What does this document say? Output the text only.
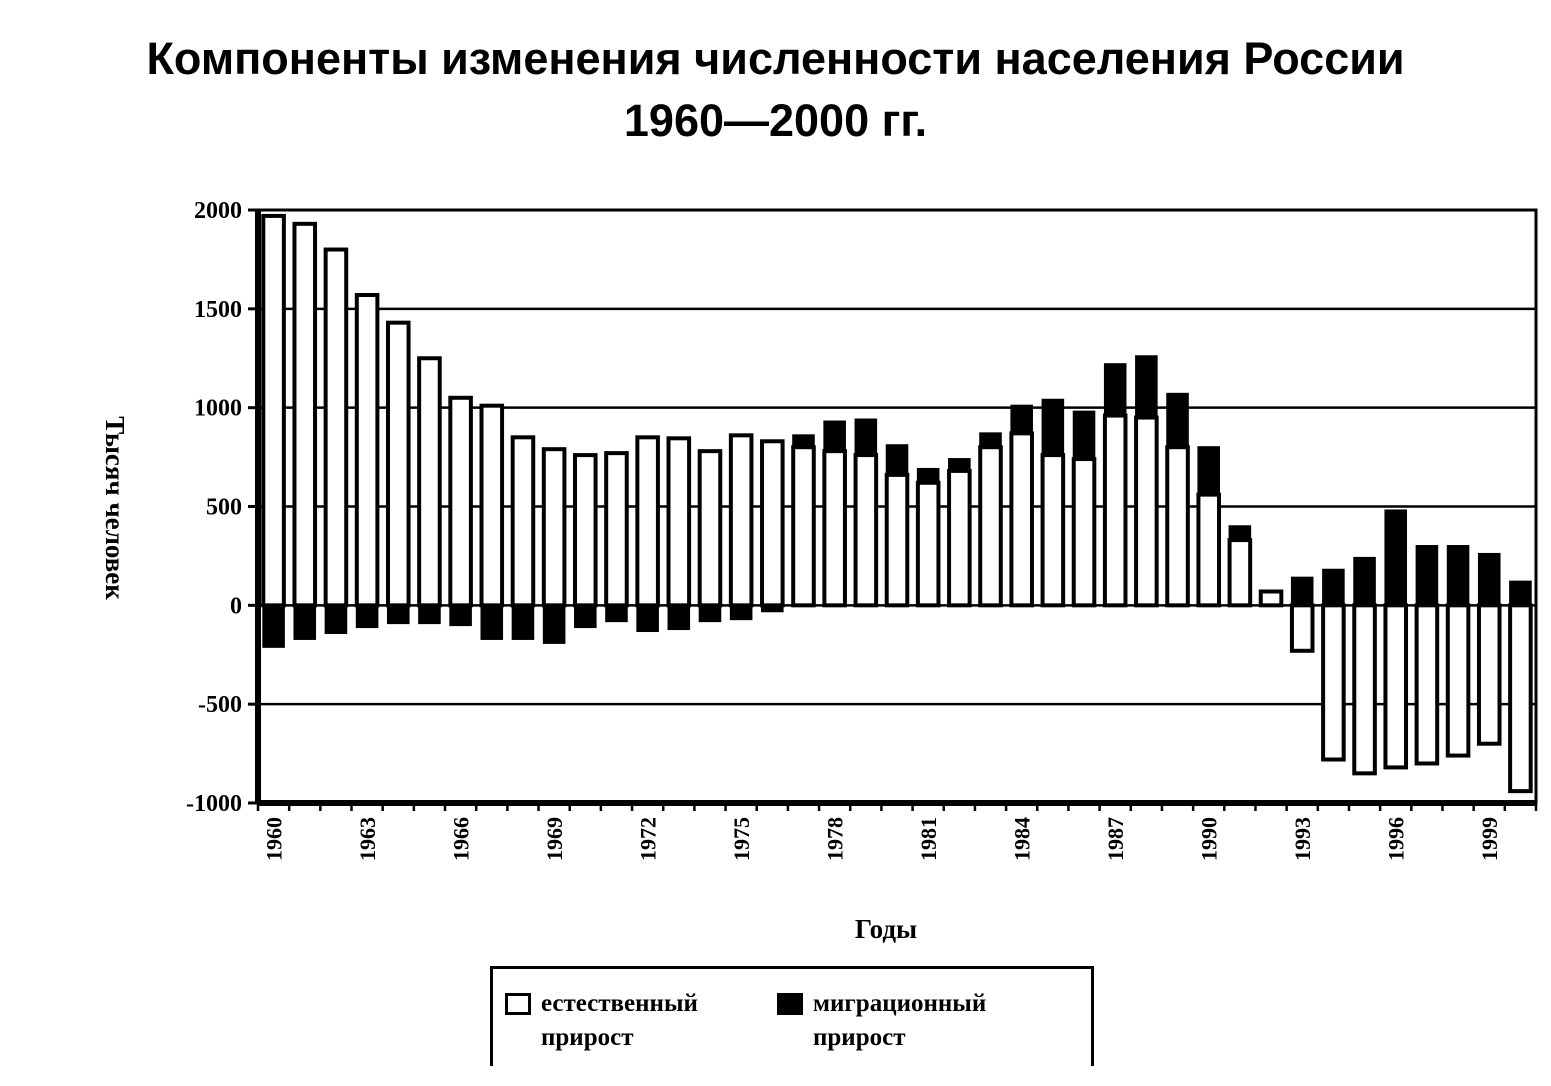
Компоненты изменения численности населения России
1960—2000 гг.
2000
1500
1000
500
0
-500
-1000
1960	1963	1966	1969	1972	1975	1978	1981	1984	1987	1990	1993	1996	1999
Тысяч человек
Годы
естественный прирост
миграционный прирост
